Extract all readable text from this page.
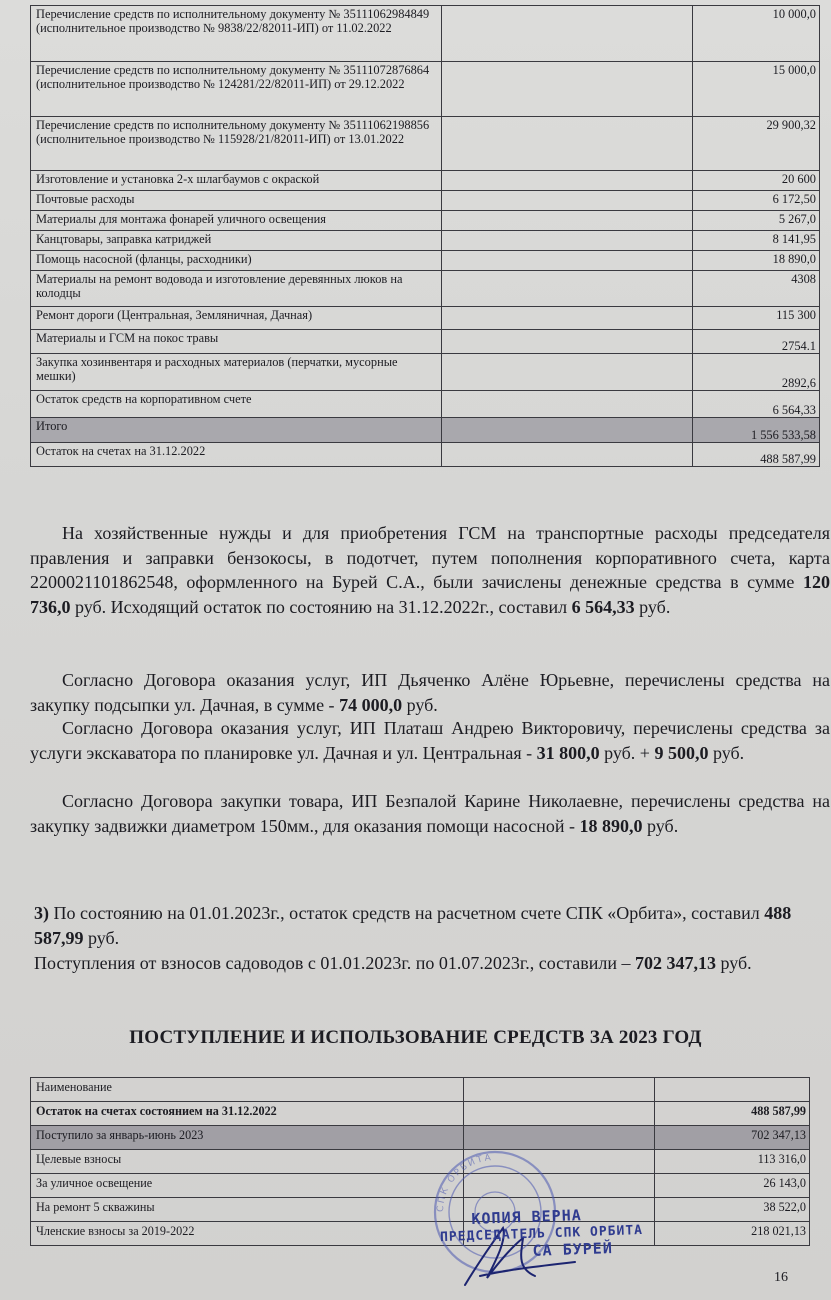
Перечисление средств по исполнительному документу № 35111062984849 (исполнительное производство № 9838/22/82011-ИП) от 11.02.2022		10 000,0
Перечисление средств по исполнительному документу № 35111072876864 (исполнительное производство № 124281/22/82011-ИП) от 29.12.2022		15 000,0
Перечисление средств по исполнительному документу № 35111062198856 (исполнительное производство № 115928/21/82011-ИП) от 13.01.2022		29 900,32
Изготовление и установка 2-х шлагбаумов с окраской		20 600
Почтовые расходы		6 172,50
Материалы для монтажа фонарей уличного освещения		5 267,0
Канцтовары, заправка катриджей		8 141,95
Помощь насосной (фланцы, расходники)		18 890,0
Материалы на ремонт водовода и изготовление деревянных люков на колодцы		4308
Ремонт дороги (Центральная, Земляничная, Дачная)		115 300
Материалы и ГСМ на покос травы		2754.1
Закупка хозинвентаря и расходных материалов (перчатки, мусорные мешки)		2892,6
Остаток средств на корпоративном счете		6 564,33
Итого		1 556 533,58
Остаток на счетах на 31.12.2022		488 587,99

На хозяйственные нужды и для приобретения ГСМ на транспортные расходы председателя правления и заправки бензокосы, в подотчет, путем пополнения корпоративного счета, карта 2200021101862548, оформленного на Бурей С.А., были зачислены денежные средства в сумме 120 736,0 руб. Исходящий остаток по состоянию на 31.12.2022г., составил 6 564,33 руб.

Согласно Договора оказания услуг, ИП Дьяченко Алёне Юрьевне, перечислены средства на закупку подсыпки ул. Дачная, в сумме - 74 000,0 руб.

Согласно Договора оказания услуг, ИП Платаш Андрею Викторовичу, перечислены средства за услуги экскаватора по планировке ул. Дачная и ул. Центральная - 31 800,0 руб. + 9 500,0 руб.

Согласно Договора закупки товара, ИП Безпалой Карине Николаевне, перечислены средства на закупку задвижки диаметром 150мм., для оказания помощи насосной - 18 890,0 руб.

3) По состоянию на 01.01.2023г., остаток средств на расчетном счете СПК «Орбита», составил 488 587,99 руб.

Поступления от взносов садоводов с 01.01.2023г. по 01.07.2023г., составили – 702 347,13 руб.

ПОСТУПЛЕНИЕ И ИСПОЛЬЗОВАНИЕ СРЕДСТВ ЗА 2023 ГОД
Наименование		
Остаток на счетах состоянием на 31.12.2022		488 587,99
Поступило за январь-июнь 2023		702 347,13
Целевые взносы		113 316,0
За уличное освещение		26 143,0
На ремонт 5 скважины		38 522,0
Членские взносы за 2019-2022		218 021,13
СПК ОРБИТА
КОПИЯ ВЕРНА
ПРЕДСЕДАТЕЛЬ СПК ОРБИТА
СА БУРЕЙ
16
